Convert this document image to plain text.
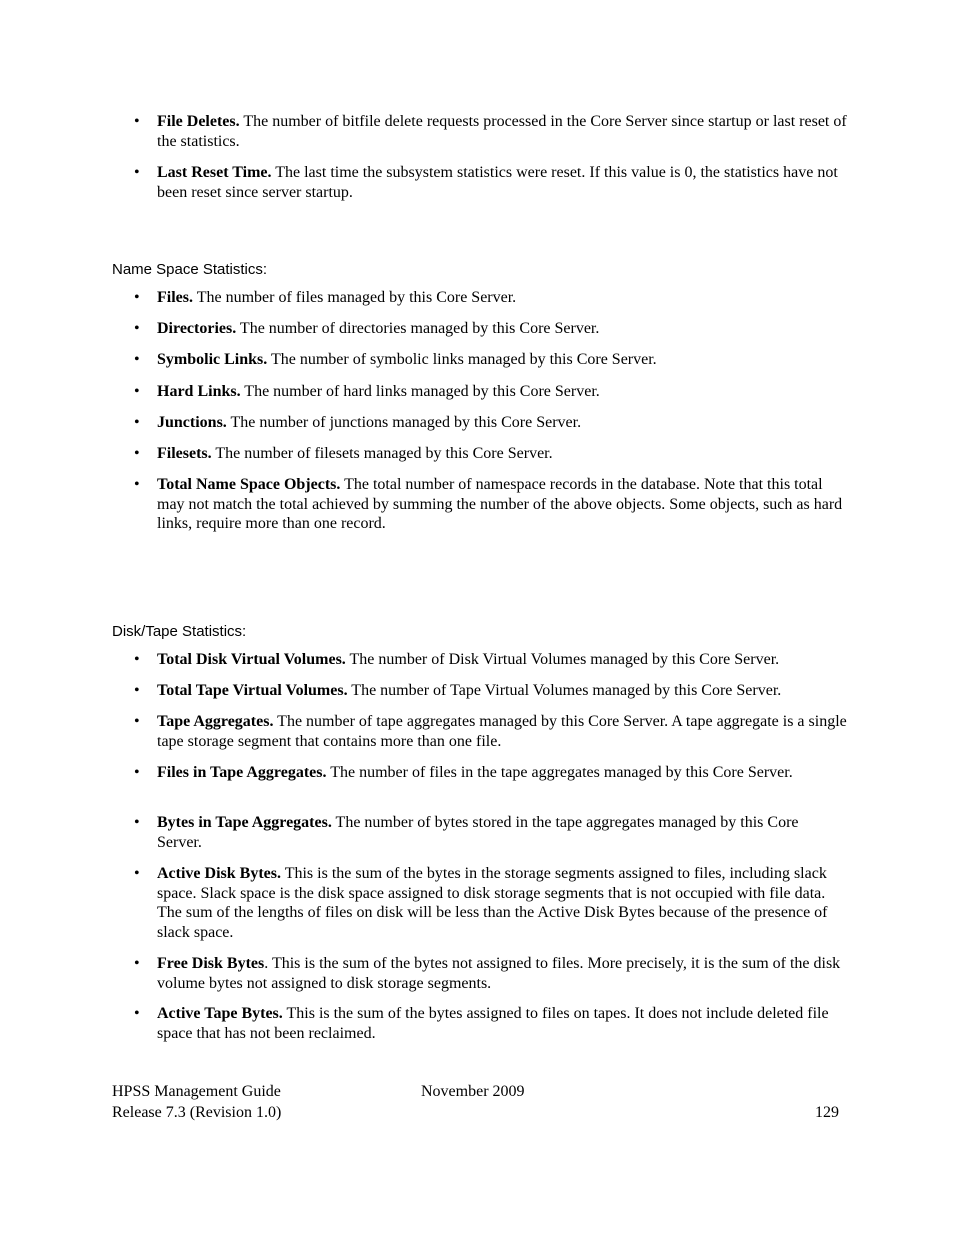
• File Deletes. The number of bitfile delete requests processed in the Core Server since startup or last reset of the statistics.
• Last Reset Time. The last time the subsystem statistics were reset. If this value is 0, the statistics have not been reset since server startup.
Name Space Statistics:
• Files. The number of files managed by this Core Server.
• Directories. The number of directories managed by this Core Server.
• Symbolic Links. The number of symbolic links managed by this Core Server.
• Hard Links. The number of hard links managed by this Core Server.
• Junctions. The number of junctions managed by this Core Server.
• Filesets. The number of filesets managed by this Core Server.
• Total Name Space Objects. The total number of namespace records in the database. Note that this total may not match the total achieved by summing the number of the above objects. Some objects, such as hard links, require more than one record.
Disk/Tape Statistics:
• Total Disk Virtual Volumes. The number of Disk Virtual Volumes managed by this Core Server.
• Total Tape Virtual Volumes. The number of Tape Virtual Volumes managed by this Core Server.
• Tape Aggregates. The number of tape aggregates managed by this Core Server. A tape aggregate is a single tape storage segment that contains more than one file.
• Files in Tape Aggregates. The number of files in the tape aggregates managed by this Core Server.
• Bytes in Tape Aggregates. The number of bytes stored in the tape aggregates managed by this Core Server.
• Active Disk Bytes. This is the sum of the bytes in the storage segments assigned to files, including slack space. Slack space is the disk space assigned to disk storage segments that is not occupied with file data. The sum of the lengths of files on disk will be less than the Active Disk Bytes because of the presence of slack space.
• Free Disk Bytes. This is the sum of the bytes not assigned to files. More precisely, it is the sum of the disk volume bytes not assigned to disk storage segments.
• Active Tape Bytes. This is the sum of the bytes assigned to files on tapes. It does not include deleted file space that has not been reclaimed.
HPSS Management Guide	November 2009
Release 7.3 (Revision 1.0)	129
